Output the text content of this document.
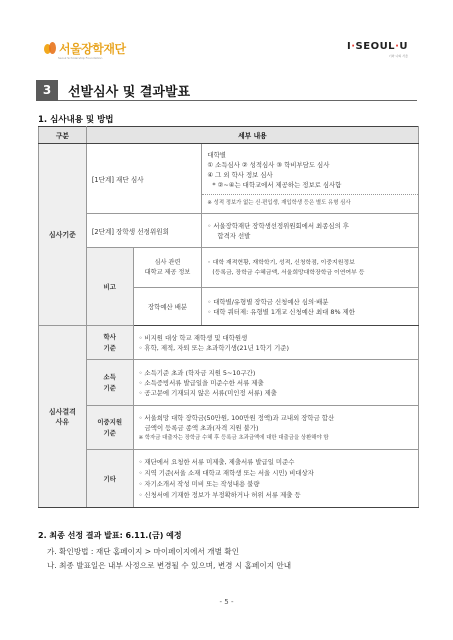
서울장학재단
Seoul Scholarship Foundation
I·SEOUL·U
너와 나의 서울
3	선발심사 및 결과발표
1. 심사내용 및 방법
구분	세부 내용		
심사기준	[1단계] 재단 심사		대학별
① 소득심사 ② 성적심사 ③ 학비부담도 심사
④ 그 외 학사 정보 심사
* ②~④는 대학교에서 제공하는 정보로 심사함
※ 성적 정보가 없는 신·편입생, 재입학생 등은 별도 유형 심사

	[2단계] 장학생 선정위원회		◦ 서울장학재단 장학생선정위원회에서 최종심의 후
합격자 선발

	비고	심사 관련
대학교 제공 정보	◦ 대학 재적현황, 재학학기, 성적, 신청학점, 이중지원정보
(등록금, 장학금 수혜금액, 서울희망대학장학금 이연여부 등

		장학예산 배분	◦ 대학별/유형별 장학금 신청예산 심의·배분
◦ 대학 쿼터제: 유형별 1개교 신청예산 최대 8% 제한

심사결격
사유	학사
기준	◦ 비지원 대상 학교 재학생 및 대학원생
◦ 휴학, 제적, 자퇴 또는 초과학기생(21년 1학기 기준)	

	소득
기준	◦ 소득기준 초과 (학자금 지원 5~10구간)
◦ 소득증빙서류 발급일을 미준수한 서류 제출
◦ 공고문에 기재되지 않은 서류(미인정 서류) 제출	

	이중지원
기준	◦ 서울희망 대학 장학금(50만원, 100만원 정액)과 교내외 장학금 합산
금액이 등록금 종액 초과(자격 지원 불가)
※ 학자금 대출자는 장학금 수혜 후 등록금 초과금액에 대한 대출금을 상환해야 함	

	기타	◦ 재단에서 요청한 서류 미제출, 제출서류 발급일 미준수
◦ 지역 기준(서울 소재 대학교 재학생 또는 서울 시민) 비대상자
◦ 자기소개서 작성 미비 또는 작성내용 불량
◦ 신청서에 기재한 정보가 부정확하거나 허위 서류 제출 등	
2. 최종 선정 결과 발표: 6.11.(금) 예정
가. 확인방법 : 재단 홈페이지 > 마이페이지에서 개별 확인
나. 최종 발표일은 내부 사정으로 변경될 수 있으며, 변경 시 홈페이지 안내
- 5 -
